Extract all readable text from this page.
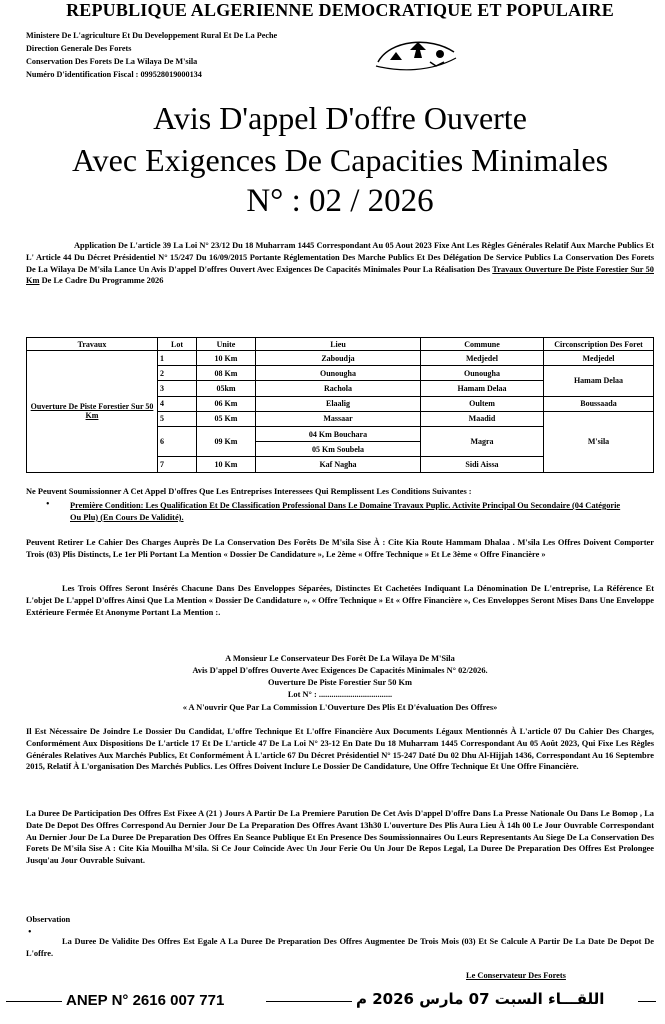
REPUBLIQUE ALGERIENNE DEMOCRATIQUE ET POPULAIRE
Ministere De L'agriculture Et Du Developpement Rural Et De La Peche
Direction Generale Des Forets
Conservation Des Forets De La Wilaya De M'sila
Numéro D'identification Fiscal : 099528019000134
Avis D'appel D'offre Ouverte
Avec Exigences De Capacities Minimales
N° : 02 / 2026
Application De L'article 39 La Loi N° 23/12 Du 18 Muharram 1445 Correspondant Au 05 Aout 2023 Fixe Ant Les Règles Générales Relatif Aux Marche Publics Et L' Article 44 Du Décret Présidentiel N° 15/247 Du 16/09/2015 Portante Réglementation Des Marche Publics Et Des Délégation De Service Publics La Conservation Des Forets De La Wilaya De M'sila Lance Un Avis D'appel D'offres Ouvert Avec Exigences De Capacités Minimales Pour La Réalisation Des Travaux Ouverture De Piste Forestier Sur 50 Km De Le Cadre Du Programme 2026
Travaux	Lot	Unite	Lieu	Commune	Circonscription Des Foret
Ouverture De Piste Forestier Sur 50 Km	1	10 Km	Zaboudja	Medjedel	Medjedel
	2	08 Km	Ounougha	Ounougha	Hamam Delaa
	3	05km	Rachola	Hamam Delaa	
	4	06 Km	Elaalig	Oultem	Boussaada
	5	05 Km	Massaar	Maadid	M'sila
	6	09 Km	04 Km Bouchara	Magra	
			05 Km Soubela		
	7	10 Km	Kaf Nagha	Sidi Aissa	
Ne Peuvent Soumissionner A Cet Appel D'offres Que Les Entreprises Interessees Qui Remplissent Les Conditions Suivantes :
• Première Condition: Les Qualification Et De Classification Professional Dans Le Domaine Travaux Puplic. Activite Principal Ou Secondaire (04 Catégorie Ou Plu) (En Cours De Validité).
Peuvent Retirer Le Cahier Des Charges Auprès De La Conservation Des Forêts De M'sila Sise À : Cite Kia Route Hammam Dhalaa . M'sila Les Offres Doivent Comporter Trois (03) Plis Distincts, Le 1er Pli Portant La Mention « Dossier De Candidature », Le 2ème « Offre Technique » Et Le 3ème « Offre Financière »
Les Trois Offres Seront Insérés Chacune Dans Des Enveloppes Séparées, Distinctes Et Cachetées Indiquant La Dénomination De L'entreprise, La Référence Et L'objet De L'appel D'offres Ainsi Que La Mention « Dossier De Candidature », « Offre Technique » Et « Offre Financière », Ces Enveloppes Seront Mises Dans Une Enveloppe Extérieure Fermée Et Anonyme Portant La Mention :.
A Monsieur Le Conservateur Des Forêt De La Wilaya De M'Sila
Avis D'appel D'offres Ouverte Avec Exigences De Capacités Minimales N° 02/2026.
Ouverture De Piste Forestier Sur 50 Km
Lot N° : ...................................
« A N'ouvrir Que Par La Commission L'Ouverture Des Plis Et D'évaluation Des Offres»
Il Est Nécessaire De Joindre Le Dossier Du Candidat, L'offre Technique Et L'offre Financière Aux Documents Légaux Mentionnés À L'article 07 Du Cahier Des Charges, Conformément Aux Dispositions De L'article 17 Et De L'article 47 De La Loi N° 23-12 En Date Du 18 Muharram 1445 Correspondant Au 05 Août 2023, Qui Fixe Les Règles Générales Relatives Aux Marchés Publics, Et Conformément À L'article 67 Du Décret Présidentiel N° 15-247 Daté Du 02 Dhu Al-Hijjah 1436, Correspondant Au 16 Septembre 2015, Relatif À L'organisation Des Marchés Publics. Les Offres Doivent Inclure Le Dossier De Candidature, Une Offre Technique Et Une Offre Financière.
La Duree De Participation Des Offres Est Fixee A (21 ) Jours A Partir De La Premiere Parution De Cet Avis D'appel D'offre Dans La Presse Nationale Ou Dans Le Bomop , La Date De Depot Des Offres Correspond Au Dernier Jour De La Preparation Des Offres Avant 13h30 L'ouverture Des Plis Aura Lieu À 14h 00 Le Jour Ouvrable Correspondant Au Dernier Jour De La Duree De Preparation Des Offres En Seance Publique Et En Presence Des Soumissionnaires Ou Leurs Representants Au Siege De La Conservation Des Forets De M'sila Sise A : Cite Kia Mouilha M'sila. Si Ce Jour Coïncide Avec Un Jour Ferie Ou Un Jour De Repos Legal, La Duree De Preparation Des Offres Est Prolongee Jusqu'au Jour Ouvrable Suivant.
Observation
•
La Duree De Validite Des Offres Est Egale A La Duree De Preparation Des Offres Augmentee De Trois Mois (03) Et Se Calcule A Partir De La Date De Depot De L'offre.
Le Conservateur Des Forets
ANEP N° 2616 007 771	اللقـــاء السبت 07 مارس 2026 م
